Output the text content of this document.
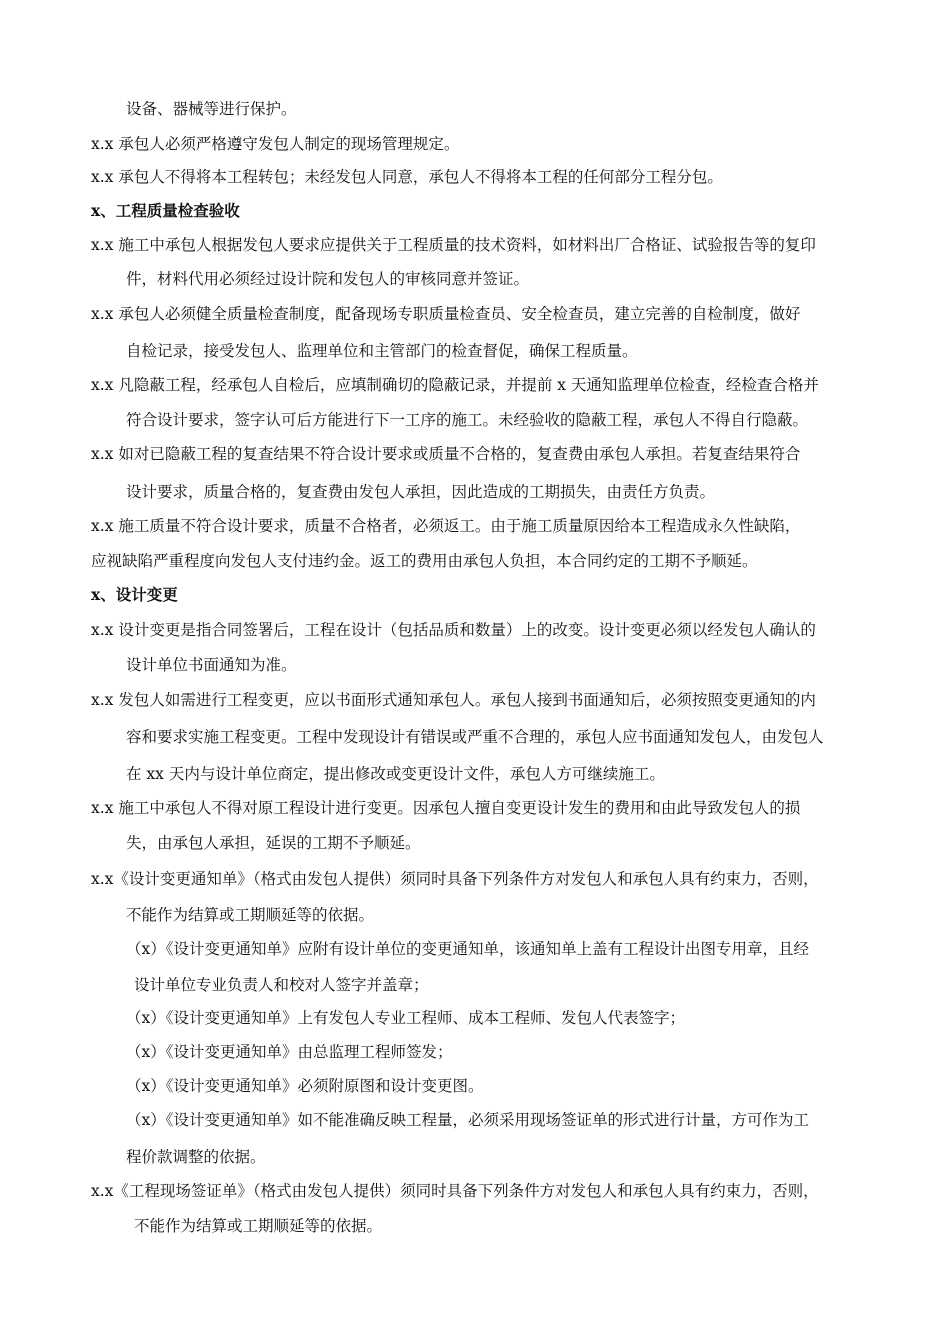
设备、器械等进行保护。
x.x 承包人必须严格遵守发包人制定的现场管理规定。
x.x 承包人不得将本工程转包；未经发包人同意，承包人不得将本工程的任何部分工程分包。
x、工程质量检查验收
x.x 施工中承包人根据发包人要求应提供关于工程质量的技术资料，如材料出厂合格证、试验报告等的复印
件，材料代用必须经过设计院和发包人的审核同意并签证。
x.x 承包人必须健全质量检查制度，配备现场专职质量检查员、安全检查员，建立完善的自检制度，做好
自检记录，接受发包人、监理单位和主管部门的检查督促，确保工程质量。
x.x 凡隐蔽工程，经承包人自检后，应填制确切的隐蔽记录，并提前 x 天通知监理单位检查，经检查合格并
符合设计要求，签字认可后方能进行下一工序的施工。未经验收的隐蔽工程，承包人不得自行隐蔽。
x.x 如对已隐蔽工程的复查结果不符合设计要求或质量不合格的，复查费由承包人承担。若复查结果符合
设计要求，质量合格的，复查费由发包人承担，因此造成的工期损失，由责任方负责。
x.x 施工质量不符合设计要求，质量不合格者，必须返工。由于施工质量原因给本工程造成永久性缺陷，
应视缺陷严重程度向发包人支付违约金。返工的费用由承包人负担，本合同约定的工期不予顺延。
x、设计变更
x.x 设计变更是指合同签署后，工程在设计（包括品质和数量）上的改变。设计变更必须以经发包人确认的
设计单位书面通知为准。
x.x 发包人如需进行工程变更，应以书面形式通知承包人。承包人接到书面通知后，必须按照变更通知的内
容和要求实施工程变更。工程中发现设计有错误或严重不合理的，承包人应书面通知发包人，由发包人
在 xx 天内与设计单位商定，提出修改或变更设计文件，承包人方可继续施工。
x.x 施工中承包人不得对原工程设计进行变更。因承包人擅自变更设计发生的费用和由此导致发包人的损
失，由承包人承担，延误的工期不予顺延。
x.x《设计变更通知单》（格式由发包人提供）须同时具备下列条件方对发包人和承包人具有约束力，否则，
不能作为结算或工期顺延等的依据。
（x）《设计变更通知单》应附有设计单位的变更通知单，该通知单上盖有工程设计出图专用章，且经
设计单位专业负责人和校对人签字并盖章；
（x）《设计变更通知单》上有发包人专业工程师、成本工程师、发包人代表签字；
（x）《设计变更通知单》由总监理工程师签发；
（x）《设计变更通知单》必须附原图和设计变更图。
（x）《设计变更通知单》如不能准确反映工程量，必须采用现场签证单的形式进行计量，方可作为工
程价款调整的依据。
x.x《工程现场签证单》（格式由发包人提供）须同时具备下列条件方对发包人和承包人具有约束力，否则，
不能作为结算或工期顺延等的依据。
